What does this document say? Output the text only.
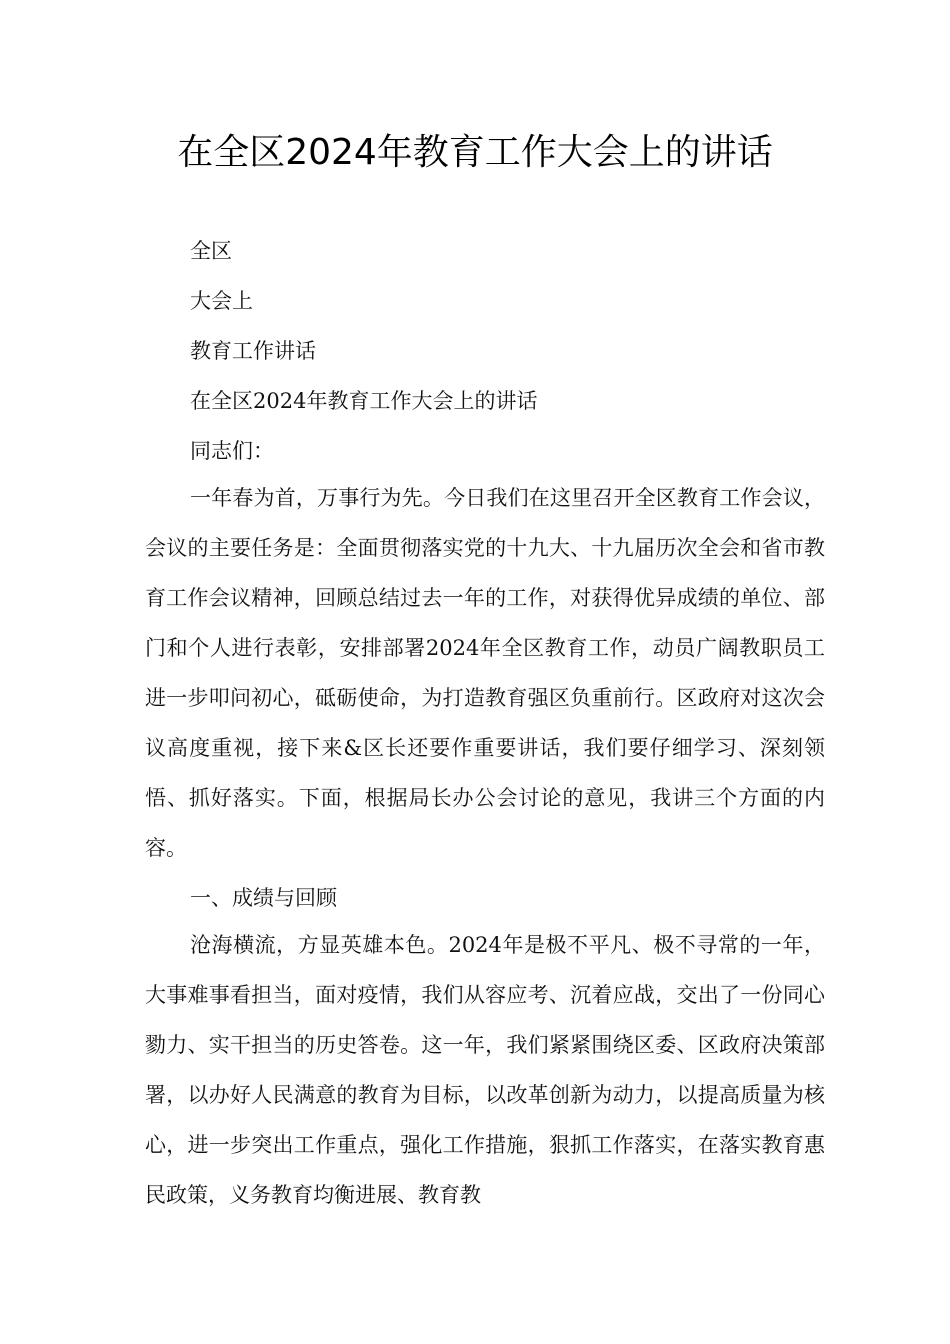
在全区2024年教育工作大会上的讲话

全区

大会上

教育工作讲话

在全区2024年教育工作大会上的讲话

同志们：

一年春为首，万事行为先。今日我们在这里召开全区教育工作会议，会议的主要任务是：全面贯彻落实党的十九大、十九届历次全会和省市教育工作会议精神，回顾总结过去一年的工作，对获得优异成绩的单位、部门和个人进行表彰，安排部署2024年全区教育工作，动员广阔教职员工进一步叩问初心，砥砺使命，为打造教育强区负重前行。区政府对这次会议高度重视，接下来&区长还要作重要讲话，我们要仔细学习、深刻领悟、抓好落实。下面，根据局长办公会讨论的意见，我讲三个方面的内容。

一、成绩与回顾

沧海横流，方显英雄本色。2024年是极不平凡、极不寻常的一年，大事难事看担当，面对疫情，我们从容应考、沉着应战，交出了一份同心勠力、实干担当的历史答卷。这一年，我们紧紧围绕区委、区政府决策部署，以办好人民满意的教育为目标，以改革创新为动力，以提高质量为核心，进一步突出工作重点，强化工作措施，狠抓工作落实，在落实教育惠民政策，义务教育均衡进展、教育教
